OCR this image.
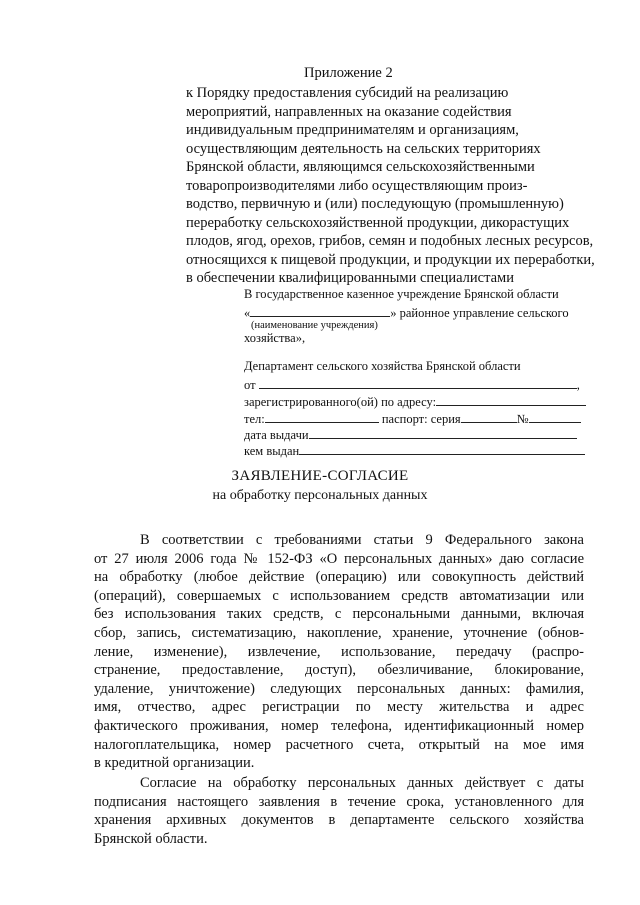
Приложение 2
к Порядку предоставления субсидий на реализацию
мероприятий, направленных на оказание содействия
индивидуальным предпринимателям и организациям,
осуществляющим деятельность на сельских территориях
Брянской области, являющимся сельскохозяйственными
товаропроизводителями либо осуществляющим произ-
водство, первичную и (или) последующую (промышленную)
переработку сельскохозяйственной продукции, дикорастущих
плодов, ягод, орехов, грибов, семян и подобных лесных ресурсов,
относящихся к пищевой продукции, и продукции их переработки,
в обеспечении квалифицированными специалистами
В государственное казенное учреждение Брянской области
«	» районное управление сельского
(наименование учреждения)
хозяйства»,
Департамент сельского хозяйства Брянской области
от	,
зарегистрированного(ой) по адресу:
тел:	паспорт: серия	№
дата выдачи
кем выдан
ЗАЯВЛЕНИЕ-СОГЛАСИЕ
на обработку персональных данных
В соответствии с требованиями статьи 9 Федерального закона
от 27 июля 2006 года № 152-ФЗ «О персональных данных» даю согласие
на обработку (любое действие (операцию) или совокупность действий
(операций), совершаемых с использованием средств автоматизации или
без использования таких средств, с персональными данными, включая
сбор, запись, систематизацию, накопление, хранение, уточнение (обнов-
ление, изменение), извлечение, использование, передачу (распро-
странение, предоставление, доступ), обезличивание, блокирование,
удаление, уничтожение) следующих персональных данных: фамилия,
имя, отчество, адрес регистрации по месту жительства и адрес
фактического проживания, номер телефона, идентификационный номер
налогоплательщика, номер расчетного счета, открытый на мое имя
в кредитной организации.
Согласие на обработку персональных данных действует с даты
подписания настоящего заявления в течение срока, установленного для
хранения архивных документов в департаменте сельского хозяйства
Брянской области.
